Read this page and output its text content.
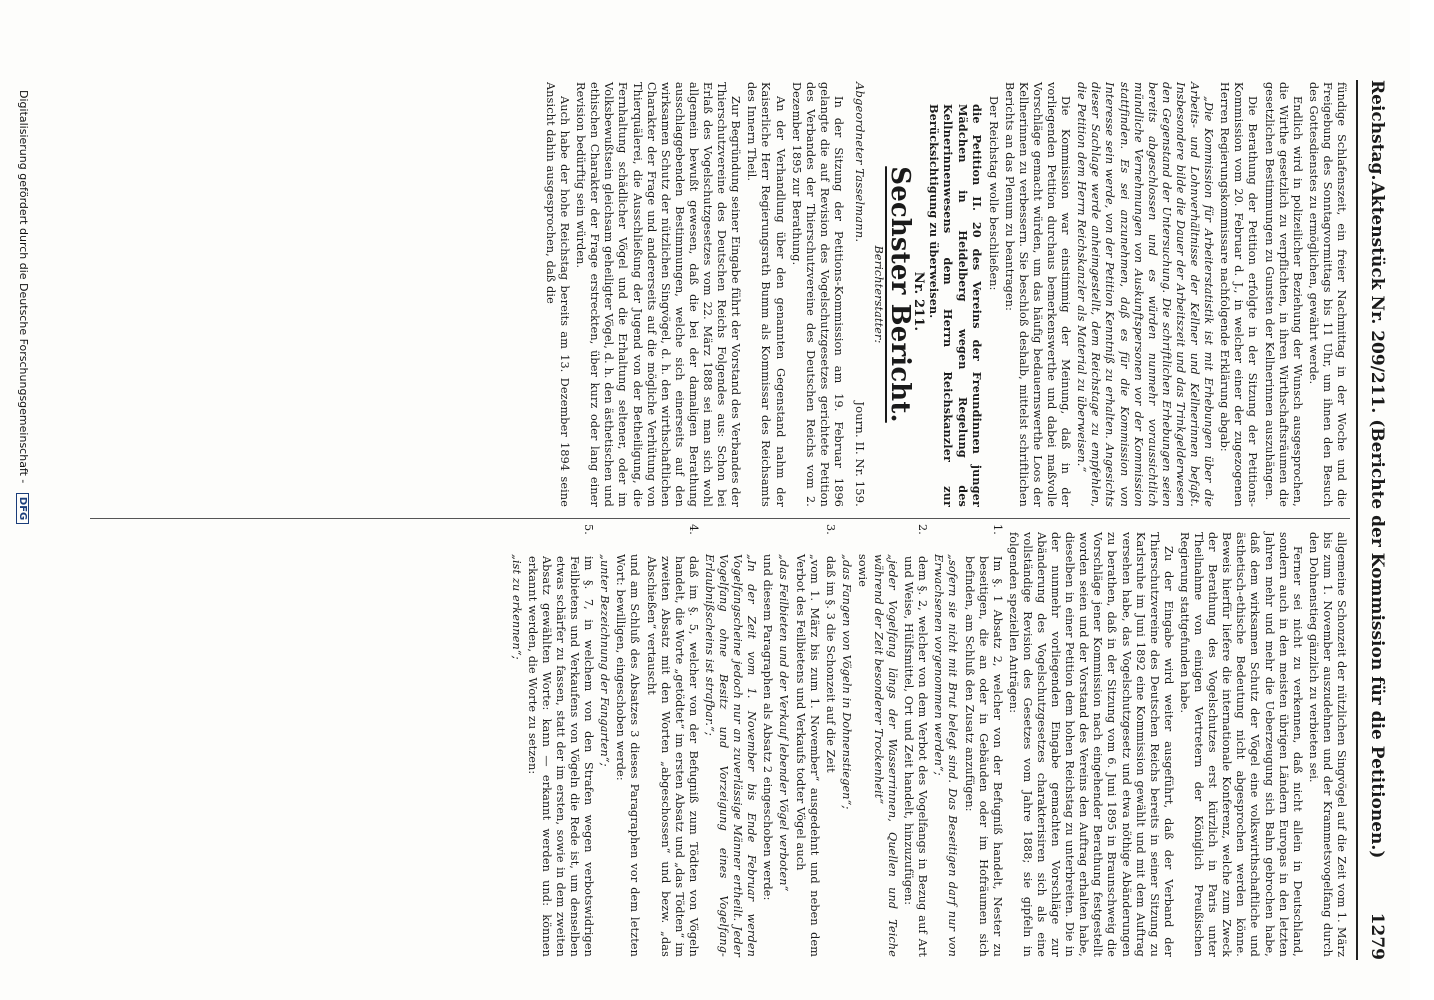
Reichstag.
Aktenstück Nr. 209/211. (Berichte der Kommission für die Petitionen.)
1279

fündige Schlafenszeit, ein freier Nachmittag in der Woche und die Freigebung des Sonntagvormittags bis 11 Uhr, um ihnen den Besuch des Gottesdienstes zu ermöglichen, gewährt werde.

Endlich wird in polizeilicher Beziehung der Wunsch ausgesprochen, die Wirthe gesetzlich zu verpflichten, in ihren Wirthschaftsräumen die gesetzlichen Bestimmungen zu Gunsten der Kellnerinnen auszuhängen.

Die Berathung der Petition erfolgte in der Sitzung der Petitions-Kommission vom 20. Februar d. J., in welcher einer der zugezogenen Herren Regierungskommissare nachfolgende Erklärung abgab:

„Die Kommission für Arbeiterstatistik ist mit Erhebungen über die Arbeits- und Lohnverhältnisse der Kellner und Kellnerinnen befaßt. Insbesondere bilde die Dauer der Arbeitszeit und das Trinkgelderwesen den Gegenstand der Untersuchung. Die schriftlichen Erhebungen seien bereits abgeschlossen und es würden nunmehr voraussichtlich mündliche Vernehmungen von Auskunftspersonen vor der Kommission stattfinden. Es sei anzunehmen, daß es für die Kommission von Interesse sein werde, von der Petition Kenntniß zu erhalten. Angesichts dieser Sachlage werde anheimgestellt, dem Reichstage zu empfehlen, die Petition dem Herrn Reichskanzler als Material zu überweisen.“

Die Kommission war einstimmig der Meinung, daß in der vorliegenden Petition durchaus bemerkenswerthe und dabei maßvolle Vorschläge gemacht würden, um das häufig bedauernswerthe Loos der Kellnerinnen zu verbessern. Sie beschloß deshalb, mittelst schriftlichen Berichts an das Plenum zu beantragen:

Der Reichstag wolle beschließen:

die Petition II. 20 des Vereins der Freundinnen junger Mädchen in Heidelberg wegen Regelung des Kellnerinnenwesens dem Herrn Reichskanzler zur Berücksichtigung zu überweisen.

Nr. 211.

Sechster Bericht.

Berichterstatter:

Abgeordneter Tasselmann.
Journ. II. Nr. 159.

In der Sitzung der Petitions-Kommission am 19. Februar 1896 gelangte die auf Revision des Vogelschutzgesetzes gerichtete Petition des Verbandes der Thierschutzvereine des Deutschen Reichs vom 2. Dezember 1895 zur Berathung.

An der Verhandlung über den genannten Gegenstand nahm der Kaiserliche Herr Regierungsrath Bumm als Kommissar des Reichsamts des Innern Theil.

Zur Begründung seiner Eingabe führt der Vorstand des Verbandes der Thierschutzvereine des Deutschen Reichs Folgendes aus: Schon bei Erlaß des Vogelschutzgesetzes vom 22. März 1888 sei man sich wohl allgemein bewußt gewesen, daß die bei der damaligen Berathung ausschlaggebenden Bestimmungen, welche sich einerseits auf den wirksamen Schutz der nützlichen Singvögel, d. h. den wirthschaftlichen Charakter der Frage und andererseits auf die mögliche Verhütung von Thierquälerei, die Ausschließung der Jugend von der Betheiligung, die Fernhaltung schädlicher Vögel und die Erhaltung seltener, oder im Volksbewußtsein gleichsam geheiligter Vögel, d. h. den ästhetischen und ethischen Charakter der Frage erstreckten, über kurz oder lang einer Revision bedürftig sein würden.

Auch habe der hohe Reichstag bereits am 13. Dezember 1894 seine Ansicht dahin ausgesprochen, daß die

allgemeine Schonzeit der nützlichen Singvögel auf die Zeit vom 1. März bis zum 1. November auszudehnen und der Krammetsvogelfang durch den Dohnenstieg gänzlich zu verbieten sei.

Ferner sei nicht zu verkennen, daß nicht allein in Deutschland, sondern auch in den meisten übrigen Ländern Europas in den letzten Jahren mehr und mehr die Ueberzeugung sich Bahn gebrochen habe, daß dem wirksamen Schutz der Vögel eine volkswirthschaftliche und ästhetisch-ethische Bedeutung nicht abgesprochen werden könne. Beweis hierfür liefere die internationale Konferenz, welche zum Zweck der Berathung des Vogelschutzes erst kürzlich in Paris unter Theilnahme von einigen Vertretern der Königlich Preußischen Regierung stattgefunden habe.

Zu der Eingabe wird weiter ausgeführt, daß der Verband der Thierschutzvereine des Deutschen Reichs bereits in seiner Sitzung zu Karlsruhe im Juni 1892 eine Kommission gewählt und mit dem Auftrag versehen habe, das Vogelschutzgesetz und etwa nöthige Abänderungen zu berathen, daß in der Sitzung vom 6. Juni 1895 in Braunschweig die Vorschläge jener Kommission nach eingehender Berathung festgestellt worden seien und der Vorstand des Vereins den Auftrag erhalten habe, dieselben in einer Petition dem hohen Reichstag zu unterbreiten. Die in der nunmehr vorliegenden Eingabe gemachten Vorschläge zur Abänderung des Vogelschutzgesetzes charakterisiren sich als eine vollständige Revision des Gesetzes vom Jahre 1888; sie gipfeln in folgenden speziellen Anträgen:

1.Im §. 1 Absatz 2, welcher von der Befugniß handelt, Nester zu beseitigen, die an oder in Gebäuden oder im Hofräumen sich befinden, am Schluß den Zusatz anzufügen:

„sofern sie nicht mit Brut belegt sind. Das Beseitigen darf nur von Erwachsenen vorgenommen werden“;

2.dem §. 2, welcher von dem Verbot des Vogelfangs in Bezug auf Art und Weise, Hülfsmittel, Ort und Zeit handelt, hinzuzufügen:

„jeder Vogelfang längs der Wasserrinnen, Quellen und Teiche während der Zeit besonderer Trockenheit“

sowie

„das Fangen von Vögeln in Dohnenstiegen“;

3.daß im §. 3 die Schonzeit auf die Zeit

„vom 1. März bis zum 1. November“ ausgedehnt und neben dem Verbot des Feilbietens und Verkaufs todter Vögel auch

„das Feilbieten und der Verkauf lebender Vögel verboten“

und diesem Paragraphen als Absatz 2 eingeschoben werde:

„In der Zeit vom 1. November bis Ende Februar werden Vogelfangscheine jedoch nur an zuverlässige Männer ertheilt. Jeder Vogelfang ohne Besitz und Vorzeigung eines Vogelfang-Erlaubnißscheins ist strafbar.“;

4.daß im §. 5, welcher von der Befugniß zum Tödten von Vögeln handelt, die Worte „getödtet“ im ersten Absatz und „das Tödten“ im zweiten Absatz mit den Worten „abgeschossen“ und bezw. „das Abschießen“ vertauscht

und am Schluß des Absatzes 3 dieses Paragraphen vor dem letzten Wort: bewilligen, eingeschoben werde:

„unter Bezeichnung der Fangarten“;

5.im §. 7, in welchem von den Strafen wegen verbotswidrigen Feilbietens und Verkaufens von Vögeln die Rede ist, um denselben etwas schärfer zu fassen, statt der im ersten, sowie in dem zweiten Absatz gewählten Worte: kann — erkannt werden und: können erkannt werden, die Worte zu setzen:

„ist zu erkennen“;

Digitalisierung gefördert durch die Deutsche Forschungsgemeinschaft - DFG
